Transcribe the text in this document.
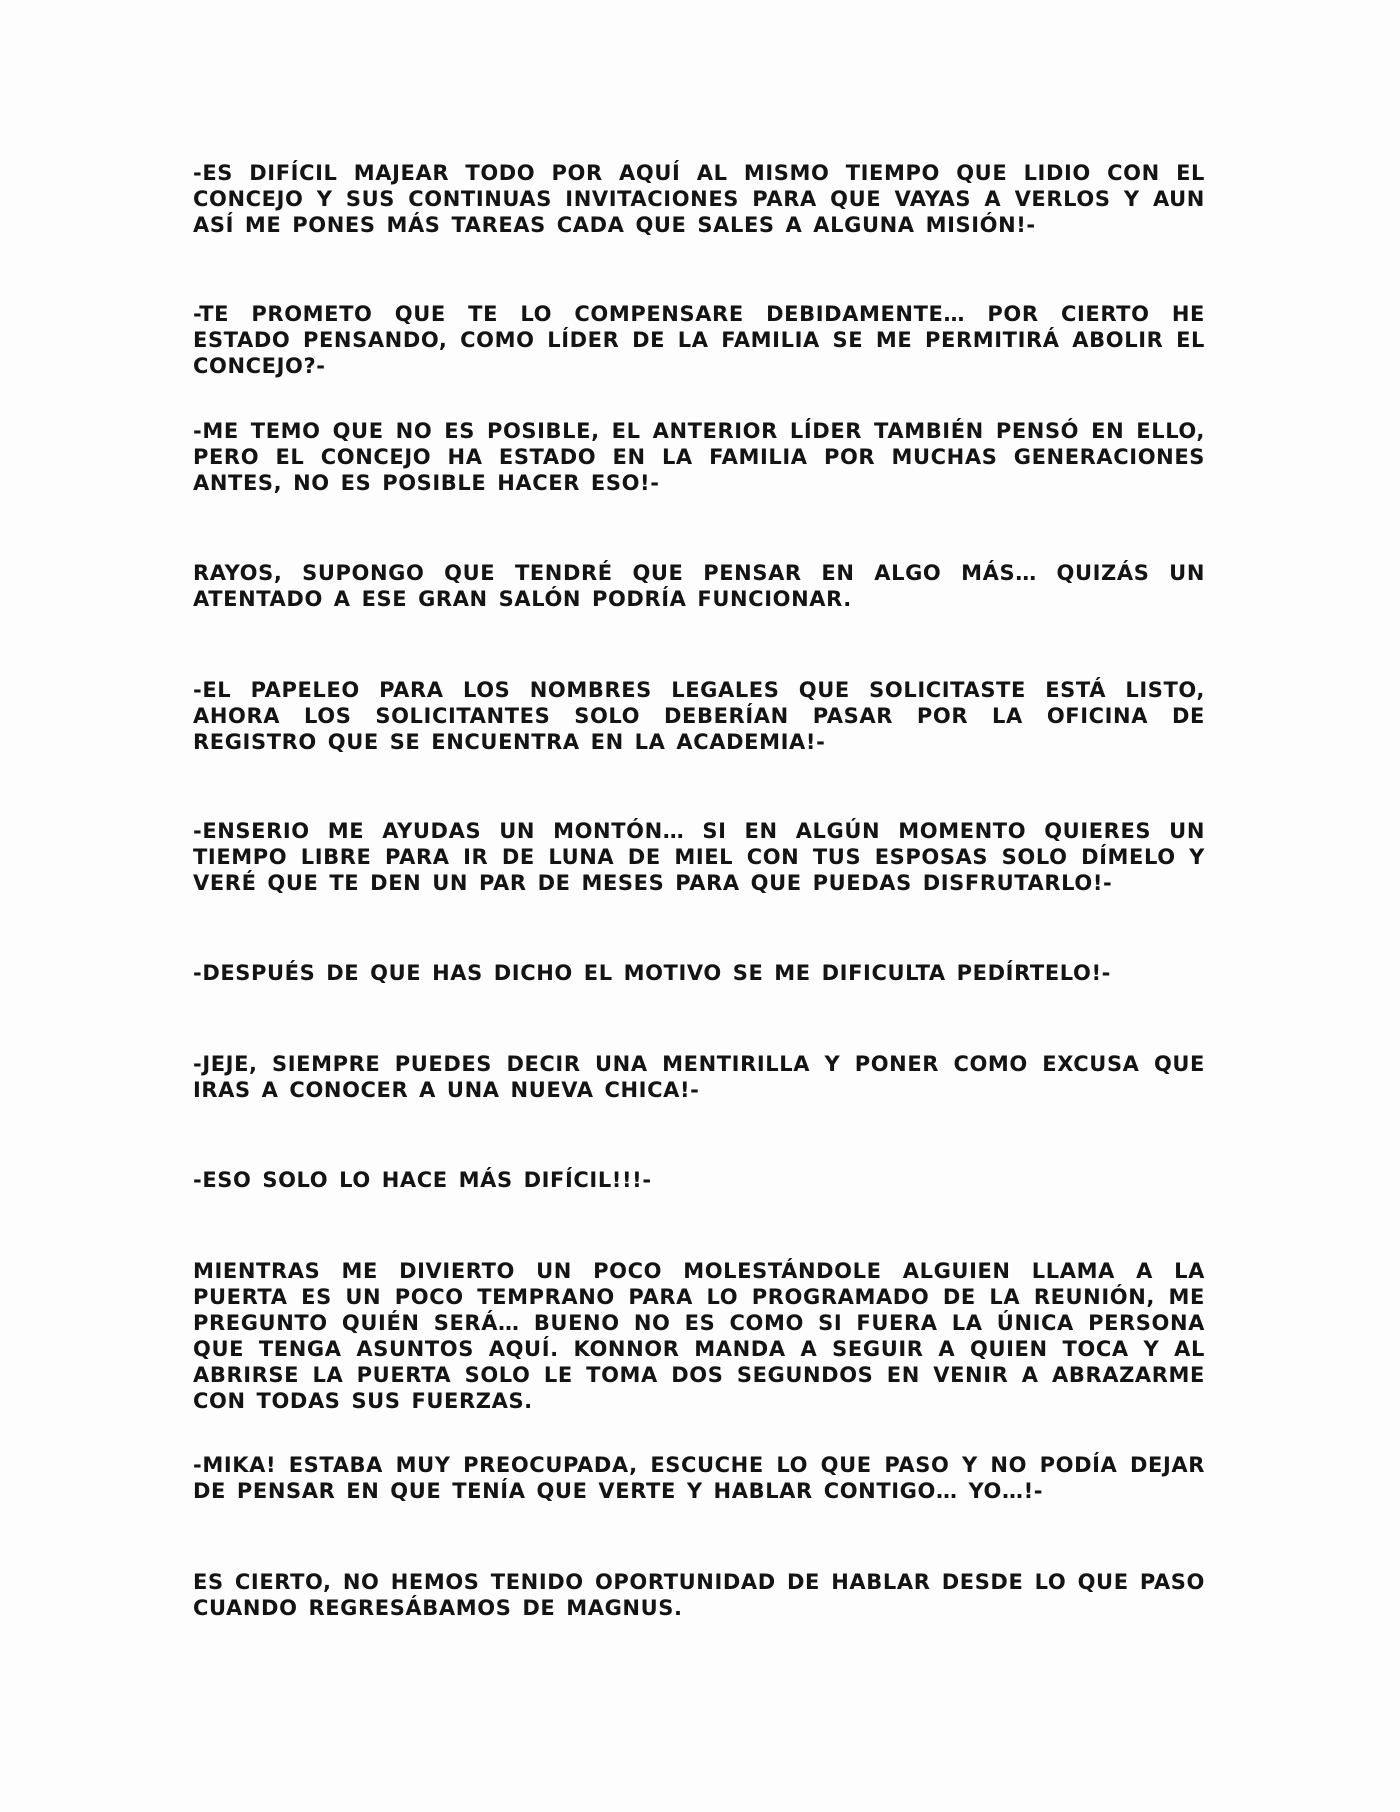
-ES DIFÍCIL MAJEAR TODO POR AQUÍ AL MISMO TIEMPO QUE LIDIO CON EL CONCEJO Y SUS CONTINUAS INVITACIONES PARA QUE VAYAS A VERLOS Y AUN ASÍ ME PONES MÁS TAREAS CADA QUE SALES A ALGUNA MISIÓN!-

-TE PROMETO QUE TE LO COMPENSARE DEBIDAMENTE… POR CIERTO HE ESTADO PENSANDO, COMO LÍDER DE LA FAMILIA SE ME PERMITIRÁ ABOLIR EL CONCEJO?-

-ME TEMO QUE NO ES POSIBLE, EL ANTERIOR LÍDER TAMBIÉN PENSÓ EN ELLO, PERO EL CONCEJO HA ESTADO EN LA FAMILIA POR MUCHAS GENERACIONES ANTES, NO ES POSIBLE HACER ESO!-

RAYOS, SUPONGO QUE TENDRÉ QUE PENSAR EN ALGO MÁS… QUIZÁS UN ATENTADO A ESE GRAN SALÓN PODRÍA FUNCIONAR.

-EL PAPELEO PARA LOS NOMBRES LEGALES QUE SOLICITASTE ESTÁ LISTO, AHORA LOS SOLICITANTES SOLO DEBERÍAN PASAR POR LA OFICINA DE REGISTRO QUE SE ENCUENTRA EN LA ACADEMIA!-

-ENSERIO ME AYUDAS UN MONTÓN… SI EN ALGÚN MOMENTO QUIERES UN TIEMPO LIBRE PARA IR DE LUNA DE MIEL CON TUS ESPOSAS SOLO DÍMELO Y VERÉ QUE TE DEN UN PAR DE MESES PARA QUE PUEDAS DISFRUTARLO!-

-DESPUÉS DE QUE HAS DICHO EL MOTIVO SE ME DIFICULTA PEDÍRTELO!-

-JEJE, SIEMPRE PUEDES DECIR UNA MENTIRILLA Y PONER COMO EXCUSA QUE IRAS A CONOCER A UNA NUEVA CHICA!-

-ESO SOLO LO HACE MÁS DIFÍCIL!!!-

MIENTRAS ME DIVIERTO UN POCO MOLESTÁNDOLE ALGUIEN LLAMA A LA PUERTA ES UN POCO TEMPRANO PARA LO PROGRAMADO DE LA REUNIÓN, ME PREGUNTO QUIÉN SERÁ… BUENO NO ES COMO SI FUERA LA ÚNICA PERSONA QUE TENGA ASUNTOS AQUÍ. KONNOR MANDA A SEGUIR A QUIEN TOCA Y AL ABRIRSE LA PUERTA SOLO LE TOMA DOS SEGUNDOS EN VENIR A ABRAZARME CON TODAS SUS FUERZAS.

-MIKA! ESTABA MUY PREOCUPADA, ESCUCHE LO QUE PASO Y NO PODÍA DEJAR DE PENSAR EN QUE TENÍA QUE VERTE Y HABLAR CONTIGO… YO…!-

ES CIERTO, NO HEMOS TENIDO OPORTUNIDAD DE HABLAR DESDE LO QUE PASO CUANDO REGRESÁBAMOS DE MAGNUS.
